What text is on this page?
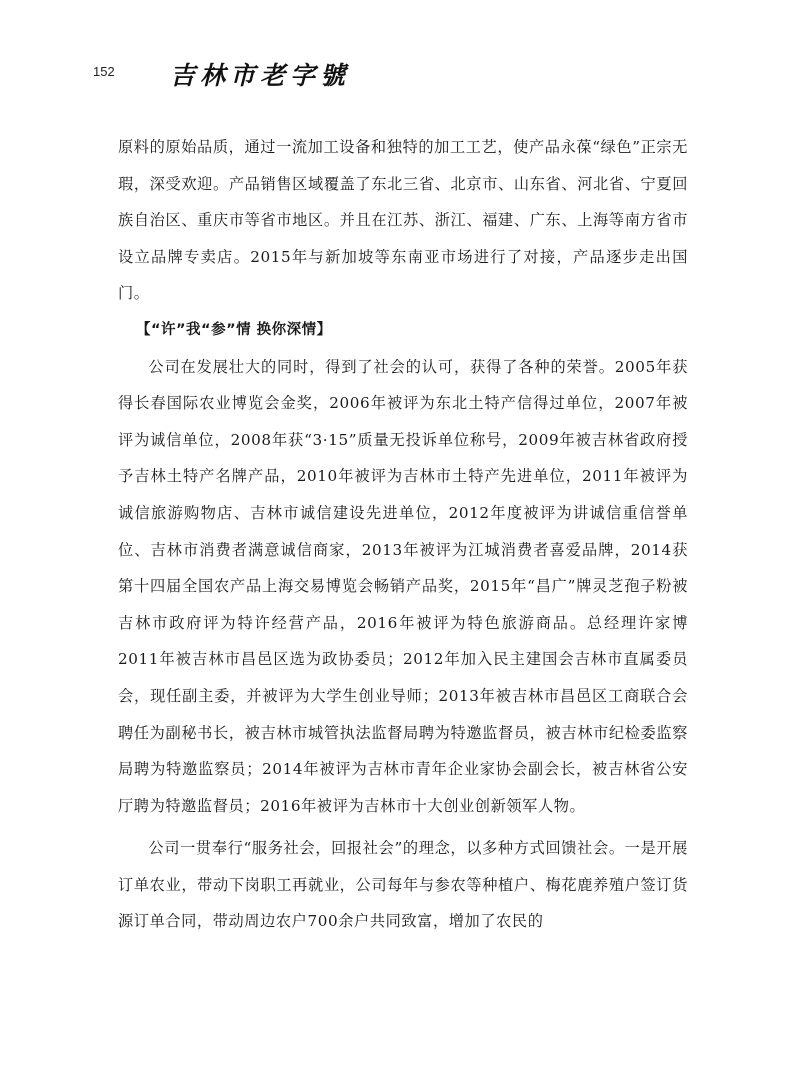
152 吉林市老字號

原料的原始品质，通过一流加工设备和独特的加工工艺，使产品永葆“绿色”正宗无瑕，深受欢迎。产品销售区域覆盖了东北三省、北京市、山东省、河北省、宁夏回族自治区、重庆市等省市地区。并且在江苏、浙江、福建、广东、上海等南方省市设立品牌专卖店。2015年与新加坡等东南亚市场进行了对接，产品逐步走出国门。

【“许”我“参”情 换你深情】

公司在发展壮大的同时，得到了社会的认可，获得了各种的荣誉。2005年获得长春国际农业博览会金奖，2006年被评为东北土特产信得过单位，2007年被评为诚信单位，2008年获“3·15”质量无投诉单位称号，2009年被吉林省政府授予吉林土特产名牌产品，2010年被评为吉林市土特产先进单位，2011年被评为诚信旅游购物店、吉林市诚信建设先进单位，2012年度被评为讲诚信重信誉单位、吉林市消费者满意诚信商家，2013年被评为江城消费者喜爱品牌，2014获第十四届全国农产品上海交易博览会畅销产品奖，2015年“昌广”牌灵芝孢子粉被吉林市政府评为特许经营产品，2016年被评为特色旅游商品。总经理许家博2011年被吉林市昌邑区选为政协委员；2012年加入民主建国会吉林市直属委员会，现任副主委，并被评为大学生创业导师；2013年被吉林市昌邑区工商联合会聘任为副秘书长，被吉林市城管执法监督局聘为特邀监督员，被吉林市纪检委监察局聘为特邀监察员；2014年被评为吉林市青年企业家协会副会长，被吉林省公安厅聘为特邀监督员；2016年被评为吉林市十大创业创新领军人物。

公司一贯奉行“服务社会，回报社会”的理念，以多种方式回馈社会。一是开展订单农业，带动下岗职工再就业，公司每年与参农等种植户、梅花鹿养殖户签订货源订单合同，带动周边农户700余户共同致富，增加了农民的
